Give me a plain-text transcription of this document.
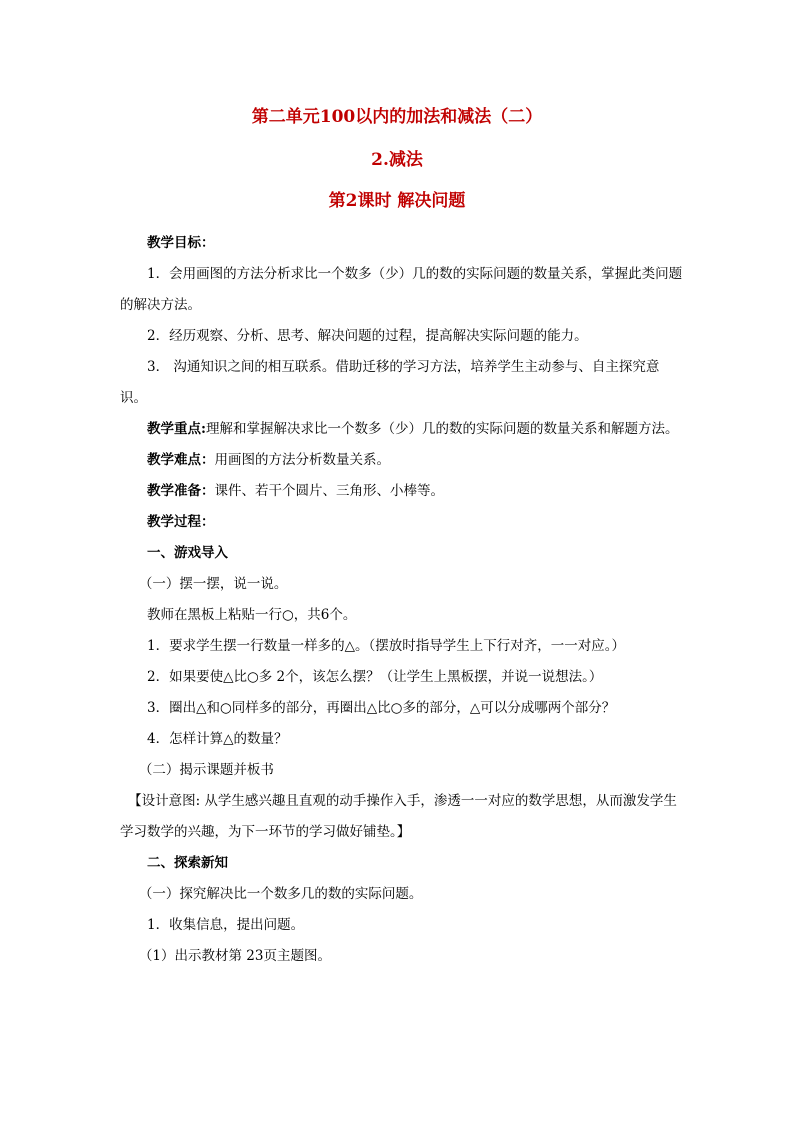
第二单元100以内的加法和减法（二）
2.减法
第2课时 解决问题

教学目标：

1．会用画图的方法分析求比一个数多（少）几的数的实际问题的数量关系，掌握此类问题的解决方法。

2．经历观察、分析、思考、解决问题的过程，提高解决实际问题的能力。

3． 沟通知识之间的相互联系。借助迁移的学习方法，培养学生主动参与、自主探究意识。

教学重点:理解和掌握解决求比一个数多（少）几的数的实际问题的数量关系和解题方法。

教学难点：用画图的方法分析数量关系。

教学准备：课件、若干个圆片、三角形、小棒等。

教学过程：

一、游戏导入

（一）摆一摆，说一说。

教师在黑板上粘贴一行○，共6个。

1．要求学生摆一行数量一样多的△。（摆放时指导学生上下行对齐，一一对应。）

2．如果要使△比○多 2个，该怎么摆？（让学生上黑板摆，并说一说想法。）

3．圈出△和○同样多的部分，再圈出△比○多的部分，△可以分成哪两个部分？

4．怎样计算△的数量？

（二）揭示课题并板书

【设计意图: 从学生感兴趣且直观的动手操作入手，渗透一一对应的数学思想，从而激发学生学习数学的兴趣，为下一环节的学习做好铺垫。】

二、探索新知

（一）探究解决比一个数多几的数的实际问题。

1．收集信息，提出问题。

（1）出示教材第 23页主题图。
